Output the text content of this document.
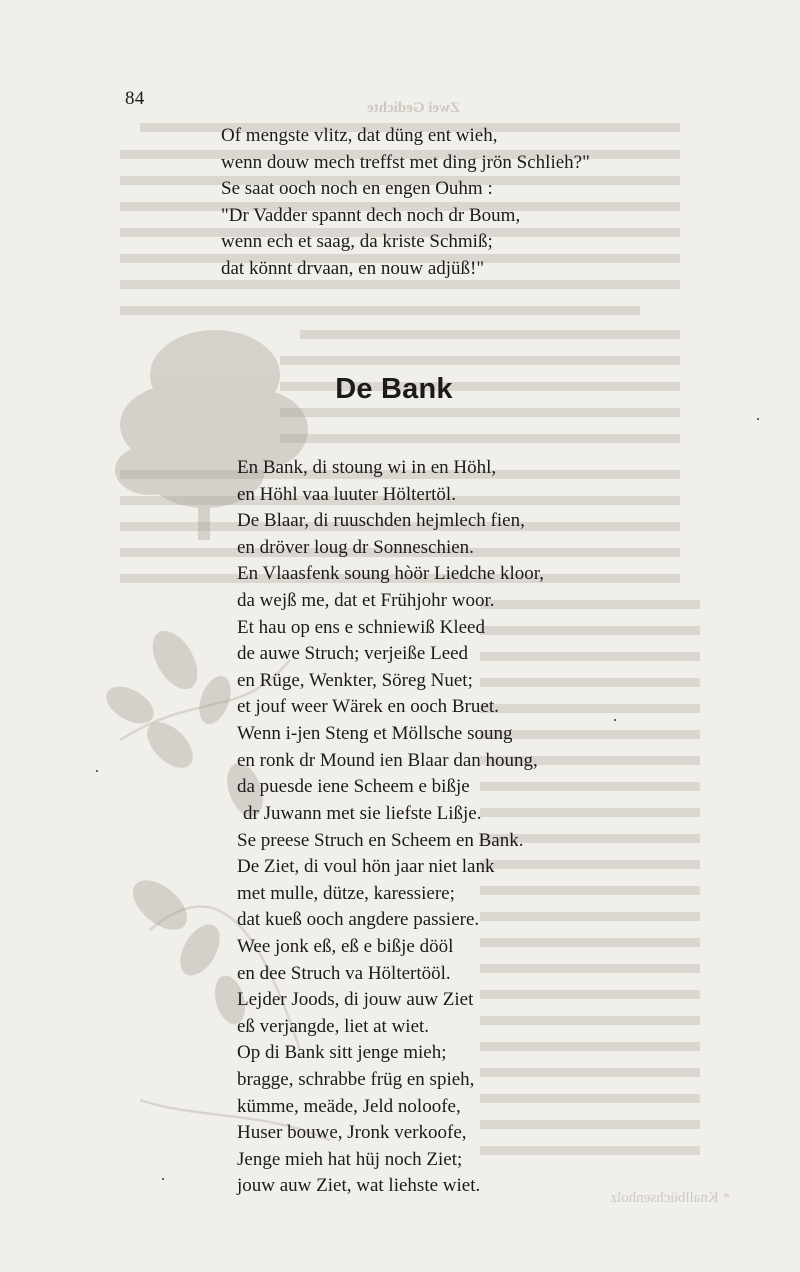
Zwei Gedichte
* Knallbüchsenholz
84
Of mengste vlitz, dat düng ent wieh,
wenn douw mech treffst met ding jrön Schlieh?"
Se saat ooch noch en engen Ouhm :
"Dr Vadder spannt dech noch dr Boum,
wenn ech et saag, da kriste Schmiß;
dat könnt drvaan, en nouw adjüß!"
De Bank
En Bank, di stoung wi in en Höhl,
en Höhl vaa luuter Höltertöl.
De Blaar, di ruuschden hejmlech fien,
en dröver loug dr Sonneschien.
En Vlaasfenk soung hòör Liedche kloor,
da wejß me, dat et Frühjohr woor.
Et hau op ens e schniewiß Kleed
de auwe Struch; verjeiße Leed
en Rüge, Wenkter, Söreg Nuet;
et jouf weer Wärek en ooch Bruet.
Wenn i-jen Steng et Möllsche soung
en ronk dr Mound ien Blaar dan houng,
da puesde iene Scheem e bißje
dr Juwann met sie liefste Lißje.
Se preese Struch en Scheem en Bank.
De Ziet, di voul hön jaar niet lank
met mulle, dütze, karessiere;
dat kueß ooch angdere passiere.
Wee jonk eß, eß e bißje dööl
en dee Struch va Höltertööl.
Lejder Joods, di jouw auw Ziet
eß verjangde, liet at wiet.
Op di Bank sitt jenge mieh;
bragge, schrabbe früg en spieh,
kümme, meäde, Jeld noloofe,
Huser bouwe, Jronk verkoofe,
Jenge mieh hat hüj noch Ziet;
jouw auw Ziet, wat liehste wiet.
